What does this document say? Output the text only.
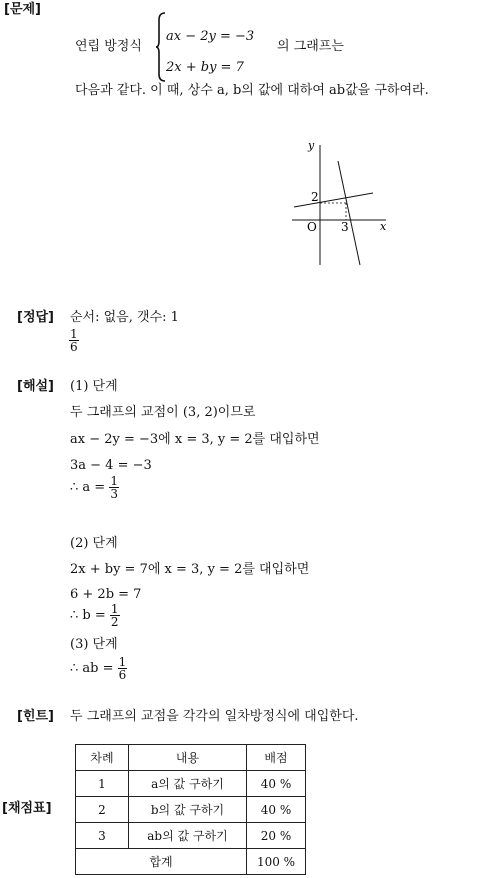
[문제]
연립 방정식
ax − 2y = −3
2x + by = 7
의 그래프는
다음과 같다. 이 때, 상수 a, b의 값에 대하여 ab값을 구하여라.
y
x
O
2
3
[정답] 순서: 없음, 갯수: 1
$\frac{1}{6}$
[해설] (1) 단계
두 그래프의 교점이 (3, 2)이므로
ax − 2y = −3에 x = 3, y = 2를 대입하면
3a − 4 = −3
∴ $a = \frac{1}{3}$
(2) 단계
2x + by = 7에 x = 3, y = 2를 대입하면
6 + 2b = 7
∴ $b = \frac{1}{2}$
(3) 단계
∴ ab = $\frac{1}{6}$
[힌트] 두 그래프의 교점을 각각의 일차방정식에 대입한다.
[채점표]
차례	내용	배점
1	a의 값 구하기	40 %
2	b의 값 구하기	40 %
3	ab의 값 구하기	20 %
합계		100 %
